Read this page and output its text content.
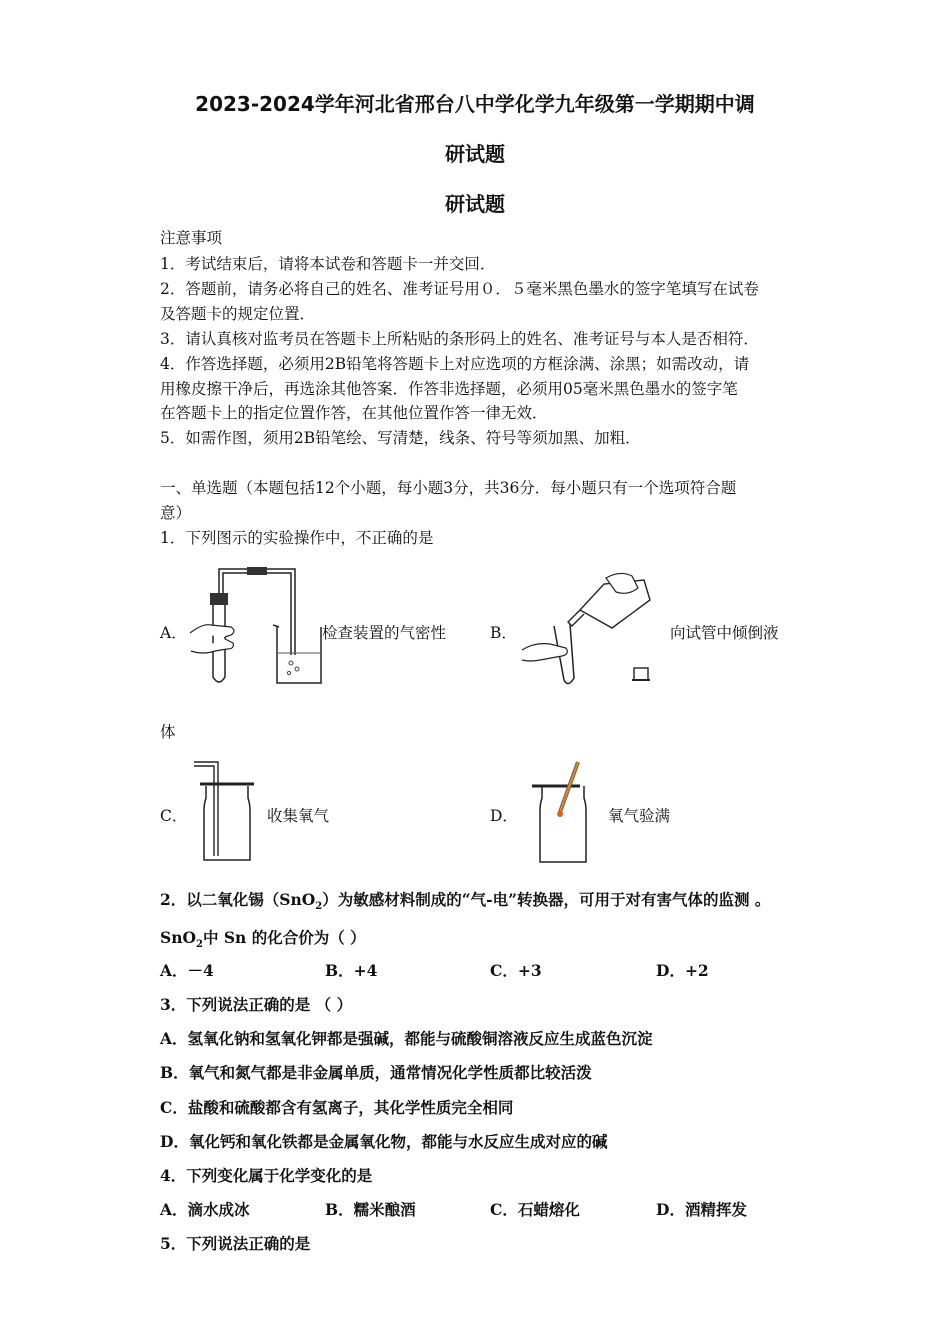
2023-2024学年河北省邢台八中学化学九年级第一学期期中调
研试题
研试题
注意事项
1．考试结束后，请将本试卷和答题卡一并交回．
2．答题前，请务必将自己的姓名、准考证号用０．５毫米黑色墨水的签字笔填写在试卷
及答题卡的规定位置．
3．请认真核对监考员在答题卡上所粘贴的条形码上的姓名、准考证号与本人是否相符．
4．作答选择题，必须用2B铅笔将答题卡上对应选项的方框涂满、涂黑；如需改动，请
用橡皮擦干净后，再选涂其他答案．作答非选择题，必须用05毫米黑色墨水的签字笔
在答题卡上的指定位置作答，在其他位置作答一律无效．
5．如需作图，须用2B铅笔绘、写清楚，线条、符号等须加黑、加粗．
一、单选题（本题包括12个小题，每小题3分，共36分．每小题只有一个选项符合题
意）
1．下列图示的实验操作中，不正确的是
A．	检查装置的气密性	B．	向试管中倾倒液
体
C．	收集氧气	D．	氧气验满
2．以二氧化锡（SnO$_2$）为敏感材料制成的“气-电”转换器，可用于对有害气体的监测 。
SnO$_2$中 Sn 的化合价为（ ）
A．－4	B．+4	C．+3	D．+2
3．下列说法正确的是 （ ）
A．氢氧化钠和氢氧化钾都是强碱，都能与硫酸铜溶液反应生成蓝色沉淀
B．氧气和氮气都是非金属单质，通常情况化学性质都比较活泼
C．盐酸和硫酸都含有氢离子，其化学性质完全相同
D．氧化钙和氧化铁都是金属氧化物，都能与水反应生成对应的碱
4．下列变化属于化学变化的是
A．滴水成冰	B．糯米酿酒	C．石蜡熔化	D．酒精挥发
5．下列说法正确的是
